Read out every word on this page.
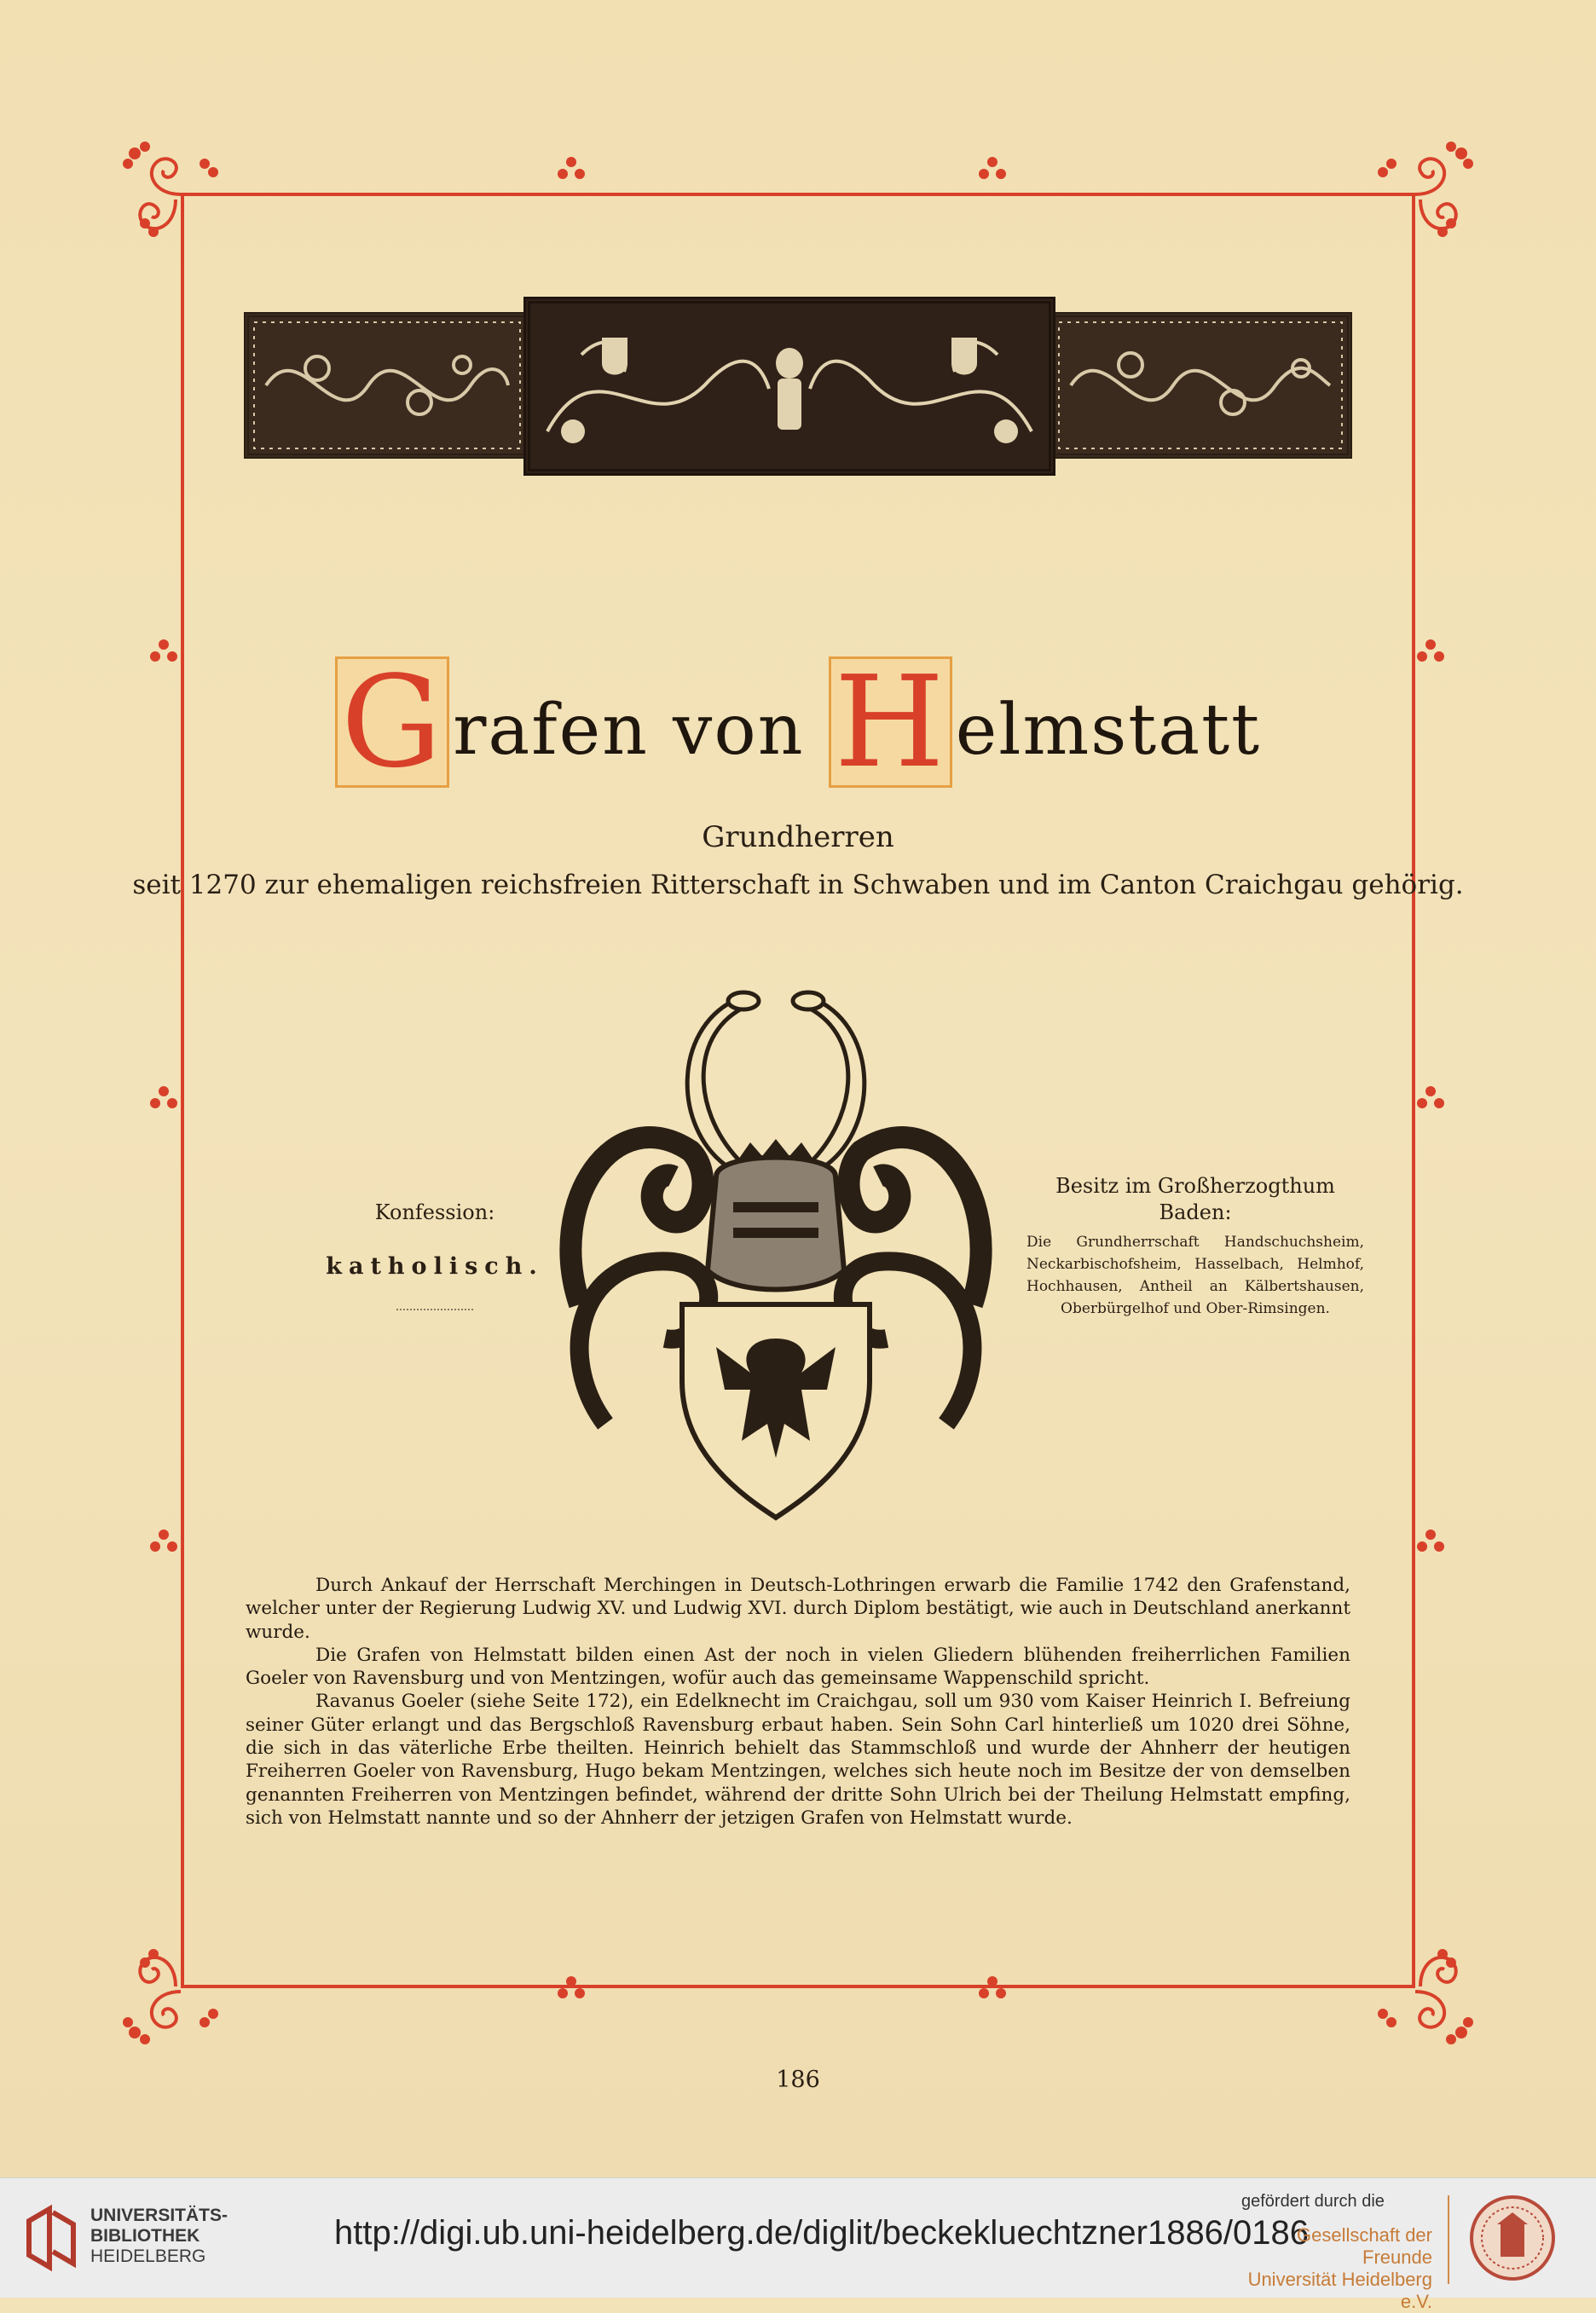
G rafen von H elmstatt
Grundherren
seit 1270 zur ehemaligen reichsfreien Ritterschaft in Schwaben und im Canton Craichgau gehörig.
Konfession:
katholisch.
Besitz im Großherzogthum Baden:
Die Grundherrschaft Handschuchsheim, Neckarbischofsheim, Hasselbach, Helmhof, Hochhausen, Antheil an Kälbertshausen, Oberbürgelhof und Ober-Rimsingen.

Durch Ankauf der Herrschaft Merchingen in Deutsch-Lothringen erwarb die Familie 1742 den Grafenstand, welcher unter der Regierung Ludwig XV. und Ludwig XVI. durch Diplom bestätigt, wie auch in Deutschland anerkannt wurde.

Die Grafen von Helmstatt bilden einen Ast der noch in vielen Gliedern blühenden freiherrlichen Familien Goeler von Ravensburg und von Mentzingen, wofür auch das gemeinsame Wappenschild spricht.

Ravanus Goeler (siehe Seite 172), ein Edelknecht im Craichgau, soll um 930 vom Kaiser Heinrich I. Befreiung seiner Güter erlangt und das Bergschloß Ravensburg erbaut haben. Sein Sohn Carl hinterließ um 1020 drei Söhne, die sich in das väterliche Erbe theilten. Heinrich behielt das Stammschloß und wurde der Ahnherr der heutigen Freiherren Goeler von Ravensburg, Hugo bekam Mentzingen, welches sich heute noch im Besitze der von demselben genannten Freiherren von Mentzingen befindet, während der dritte Sohn Ulrich bei der Theilung Helmstatt empfing, sich von Helmstatt nannte und so der Ahnherr der jetzigen Grafen von Helmstatt wurde.

186
UNIVERSITÄTS-
BIBLIOTHEK
HEIDELBERG
http://digi.ub.uni-heidelberg.de/diglit/beckekluechtzner1886/0186
gefördert durch die
Gesellschaft der Freunde
Universität Heidelberg e.V.
